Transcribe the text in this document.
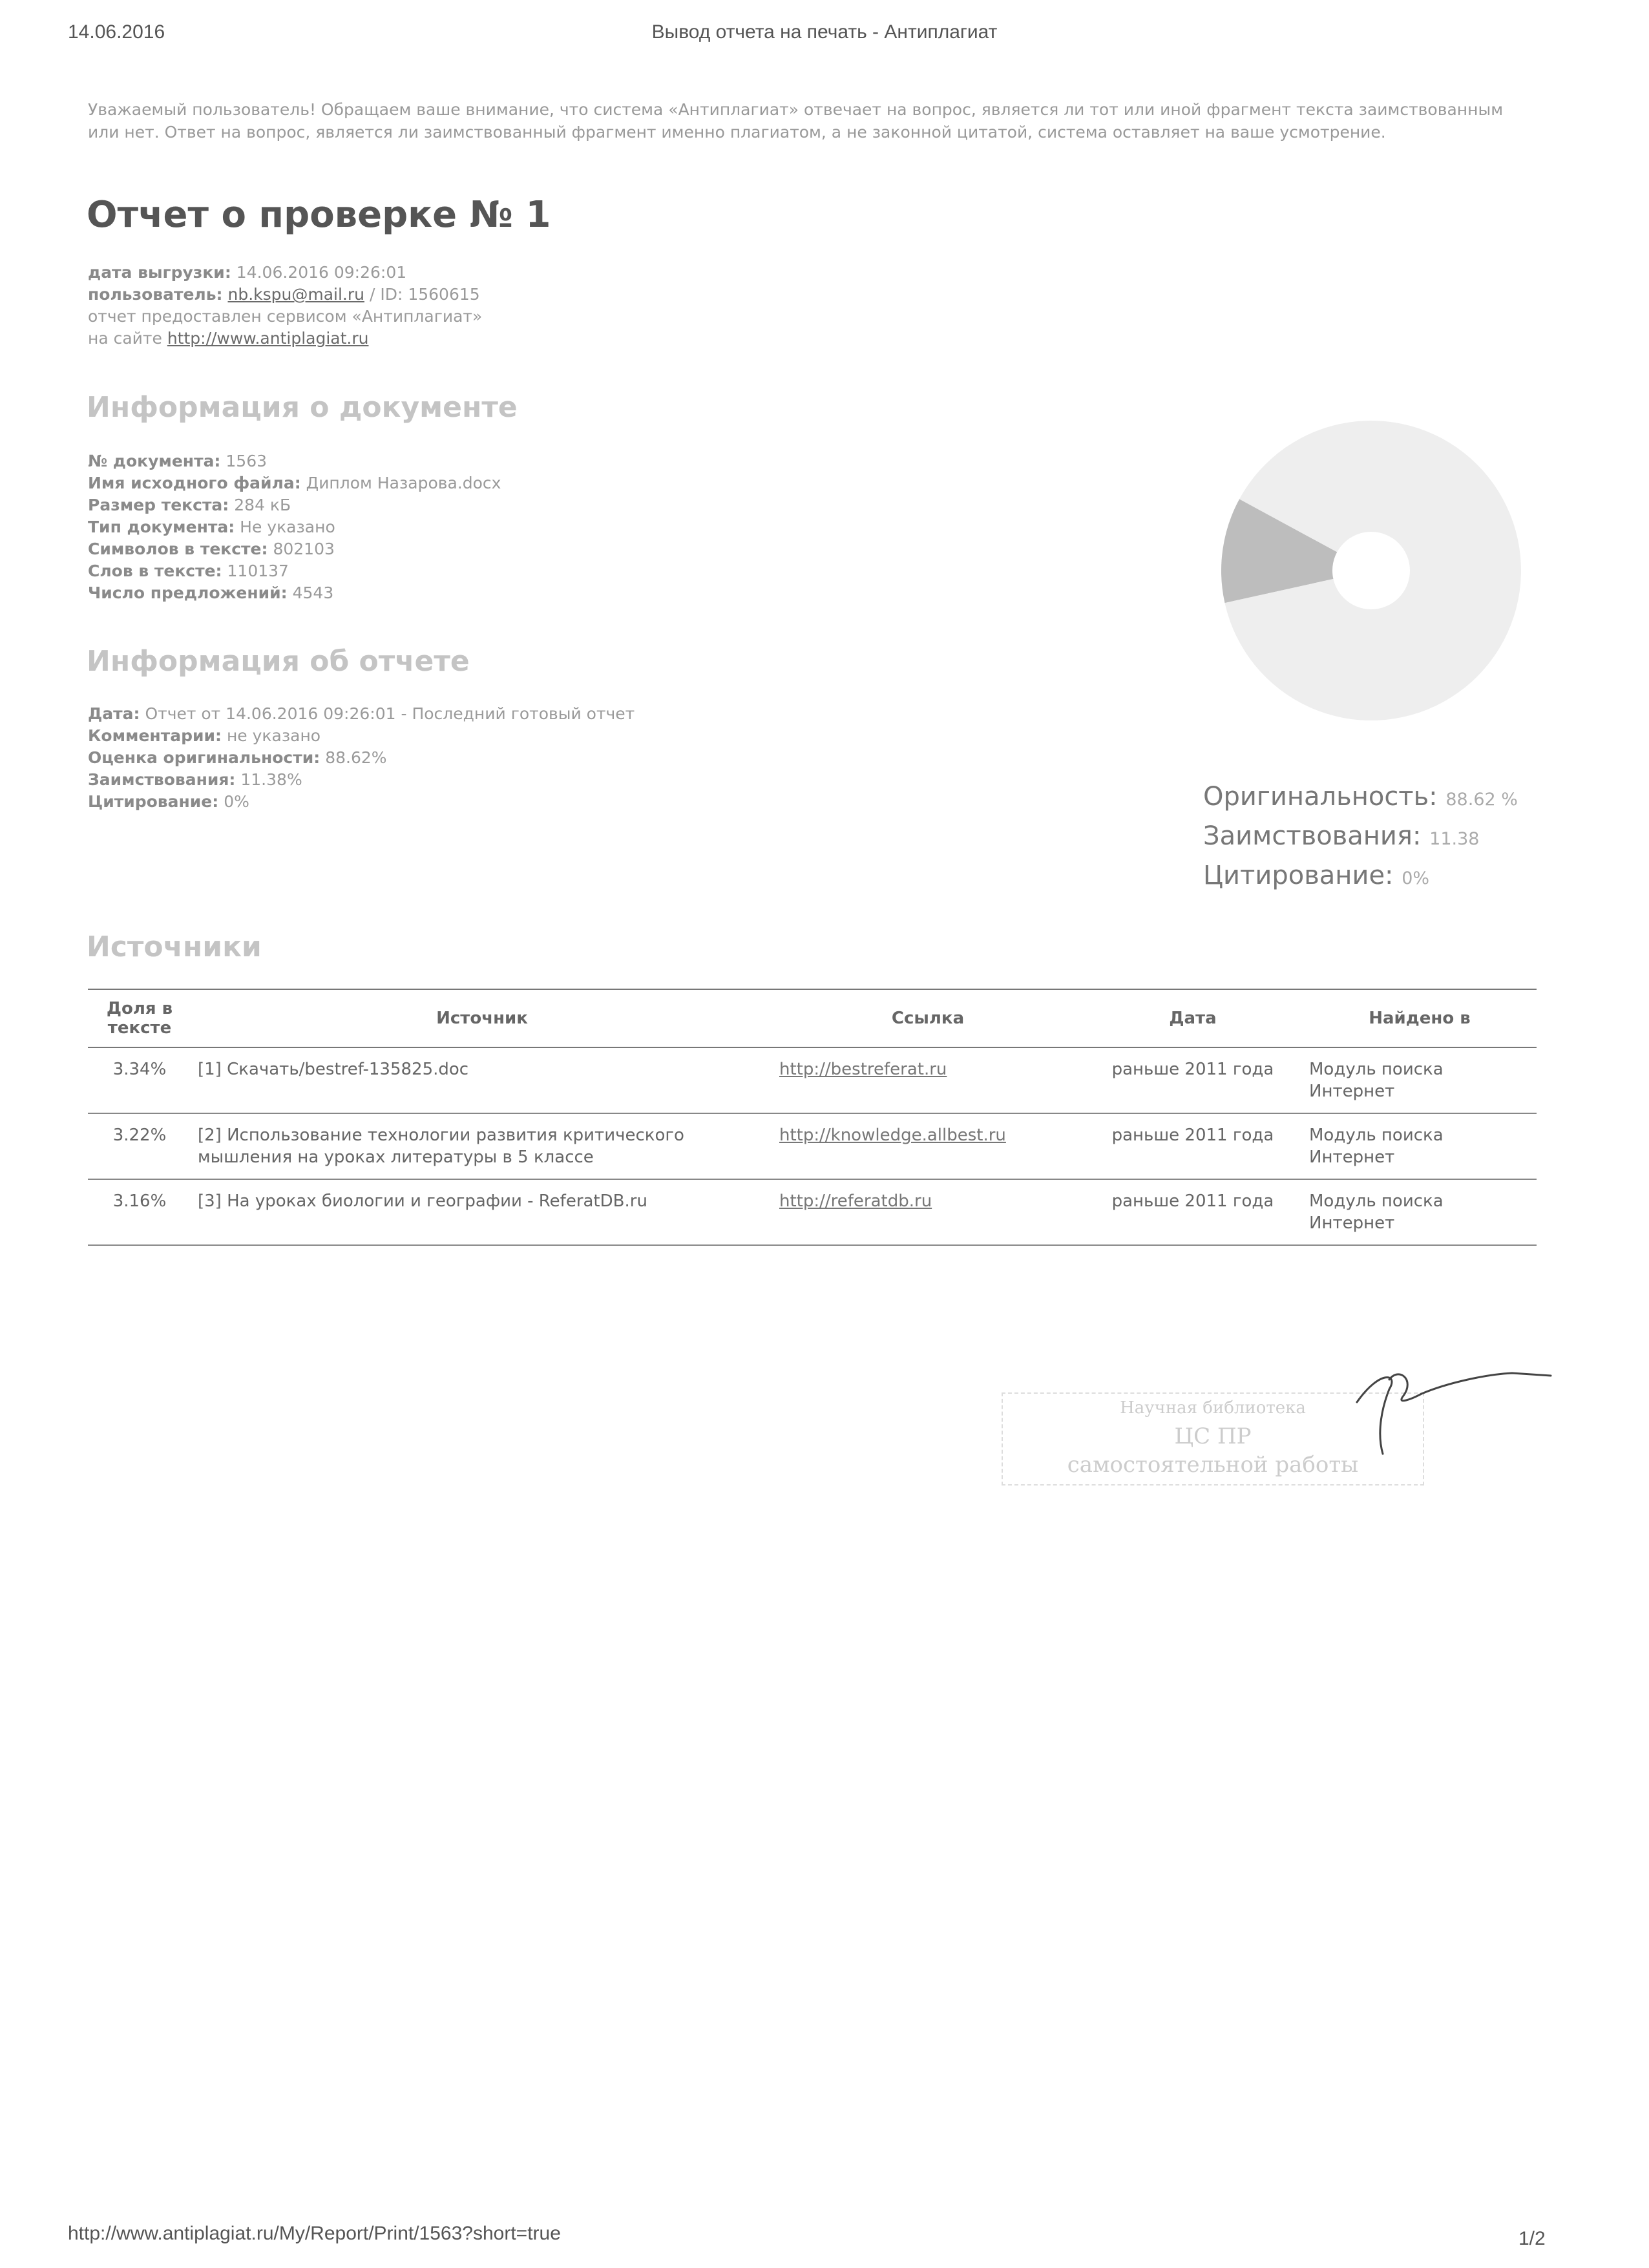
14.06.2016	Вывод отчета на печать - Антиплагиат
Уважаемый пользователь! Обращаем ваше внимание, что система «Антиплагиат» отвечает на вопрос, является ли тот или иной фрагмент текста заимствованным или нет. Ответ на вопрос, является ли заимствованный фрагмент именно плагиатом, а не законной цитатой, система оставляет на ваше усмотрение.
Отчет о проверке № 1
дата выгрузки: 14.06.2016 09:26:01
пользователь: nb.kspu@mail.ru / ID: 1560615
отчет предоставлен сервисом «Антиплагиат»
на сайте http://www.antiplagiat.ru
Информация о документе
№ документа: 1563
Имя исходного файла: Диплом Назарова.docx
Размер текста: 284 кБ
Тип документа: Не указано
Символов в тексте: 802103
Слов в тексте: 110137
Число предложений: 4543
Информация об отчете
Дата: Отчет от 14.06.2016 09:26:01 - Последний готовый отчет
Комментарии: не указано
Оценка оригинальности: 88.62%
Заимствования: 11.38%
Цитирование: 0%	Оригинальность: 88.62 %
Заимствования: 11.38
Цитирование: 0%
Источники
Доля в тексте	Источник	Ссылка	Дата	Найдено в
3.34%	[1] Скачать/bestref-135825.doc	http://bestreferat.ru	раньше 2011 года	Модуль поиска Интернет
3.22%	[2] Использование технологии развития критического мышления на уроках литературы в 5 классе	http://knowledge.allbest.ru	раньше 2011 года	Модуль поиска Интернет
3.16%	[3] На уроках биологии и географии - ReferatDB.ru	http://referatdb.ru	раньше 2011 года	Модуль поиска Интернет
Научная библиотека
ЦС ПР
самостоятельной работы
http://www.antiplagiat.ru/My/Report/Print/1563?short=true	1/2
